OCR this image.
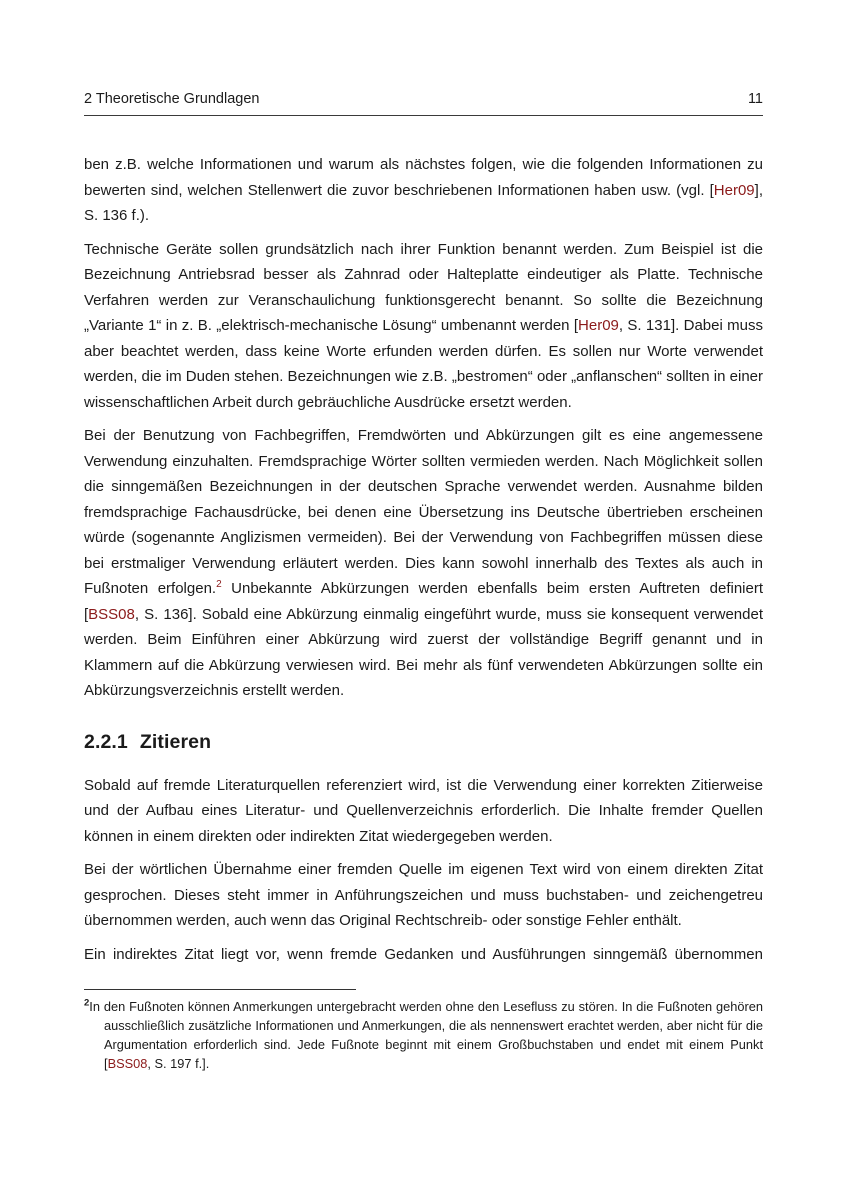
2 Theoretische Grundlagen	11

ben z.B. welche Informationen und warum als nächstes folgen, wie die folgenden Informationen zu bewerten sind, welchen Stellenwert die zuvor beschriebenen Informationen haben usw. (vgl. [Her09], S. 136 f.).

Technische Geräte sollen grundsätzlich nach ihrer Funktion benannt werden. Zum Beispiel ist die Bezeichnung Antriebsrad besser als Zahnrad oder Halteplatte eindeutiger als Platte. Technische Verfahren werden zur Veranschaulichung funktionsgerecht benannt. So sollte die Bezeichnung „Variante 1“ in z. B. „elektrisch-mechanische Lösung“ umbenannt werden [Her09, S. 131]. Dabei muss aber beachtet werden, dass keine Worte erfunden werden dürfen. Es sollen nur Worte verwendet werden, die im Duden stehen. Bezeichnungen wie z.B. „bestromen“ oder „anflanschen“ sollten in einer wissenschaftlichen Arbeit durch gebräuchliche Ausdrücke ersetzt werden.

Bei der Benutzung von Fachbegriffen, Fremdwörten und Abkürzungen gilt es eine angemessene Verwendung einzuhalten. Fremdsprachige Wörter sollten vermieden werden. Nach Möglichkeit sollen die sinngemäßen Bezeichnungen in der deutschen Sprache verwendet werden. Ausnahme bilden fremdsprachige Fachausdrücke, bei denen eine Übersetzung ins Deutsche übertrieben erscheinen würde (sogenannte Anglizismen vermeiden). Bei der Verwendung von Fachbegriffen müssen diese bei erstmaliger Verwendung erläutert werden. Dies kann sowohl innerhalb des Textes als auch in Fußnoten erfolgen.$^2$ Unbekannte Abkürzungen werden ebenfalls beim ersten Auftreten definiert [BSS08, S. 136]. Sobald eine Abkürzung einmalig eingeführt wurde, muss sie konsequent verwendet werden. Beim Einführen einer Abkürzung wird zuerst der vollständige Begriff genannt und in Klammern auf die Abkürzung verwiesen wird. Bei mehr als fünf verwendeten Abkürzungen sollte ein Abkürzungsverzeichnis erstellt werden.

2.2.1 Zitieren

Sobald auf fremde Literaturquellen referenziert wird, ist die Verwendung einer korrekten Zitierweise und der Aufbau eines Literatur- und Quellenverzeichnis erforderlich. Die Inhalte fremder Quellen können in einem direkten oder indirekten Zitat wiedergegeben werden.

Bei der wörtlichen Übernahme einer fremden Quelle im eigenen Text wird von einem direkten Zitat gesprochen. Dieses steht immer in Anführungszeichen und muss buchstaben- und zeichengetreu übernommen werden, auch wenn das Original Rechtschreib- oder sonstige Fehler enthält.

Ein indirektes Zitat liegt vor, wenn fremde Gedanken und Ausführungen sinngemäß übernommen

$^2$In den Fußnoten können Anmerkungen untergebracht werden ohne den Lesefluss zu stören. In die Fußnoten gehören ausschließlich zusätzliche Informationen und Anmerkungen, die als nennenswert erachtet werden, aber nicht für die Argumentation erforderlich sind. Jede Fußnote beginnt mit einem Großbuchstaben und endet mit einem Punkt [BSS08, S. 197 f.].
